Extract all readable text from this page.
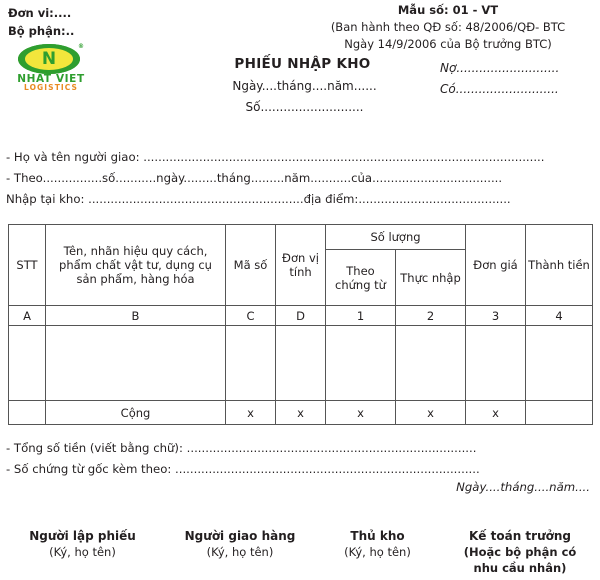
Đơn vi:....
Bộ phận:..
N
®
NHAT VIET
LOGISTICS
Mẫu số: 01 - VT
(Ban hành theo QĐ số: 48/2006/QĐ- BTC
Ngày 14/9/2006 của Bộ trưởng BTC)
PHIẾU NHẬP KHO
Ngày....tháng....năm......
Số...........................
Nợ...........................
Có...........................
- Họ và tên người giao: ............................................................................................................
- Theo................số...........ngày.........tháng.........năm...........của...................................
Nhập tại kho: ..........................................................địa điểm:.........................................
STT	Tên, nhãn hiệu quy cách, phẩm chất vật tư, dụng cụ sản phẩm, hàng hóa	Mã số	Đơn vị tính	Số lượng		Đơn giá	Thành tiền
				Theo chứng từ	Thực nhập		
A	B	C	D	1	2	3	4

	Cộng	x	x	x	x	x	
- Tổng số tiền (viết bằng chữ): ..............................................................................
- Số chứng từ gốc kèm theo: ..................................................................................
Ngày....tháng....năm....
Người lập phiếu
(Ký, họ tên)
Người giao hàng
(Ký, họ tên)
Thủ kho
(Ký, họ tên)
Kế toán trưởng
(Hoặc bộ phận có
nhu cầu nhân)
